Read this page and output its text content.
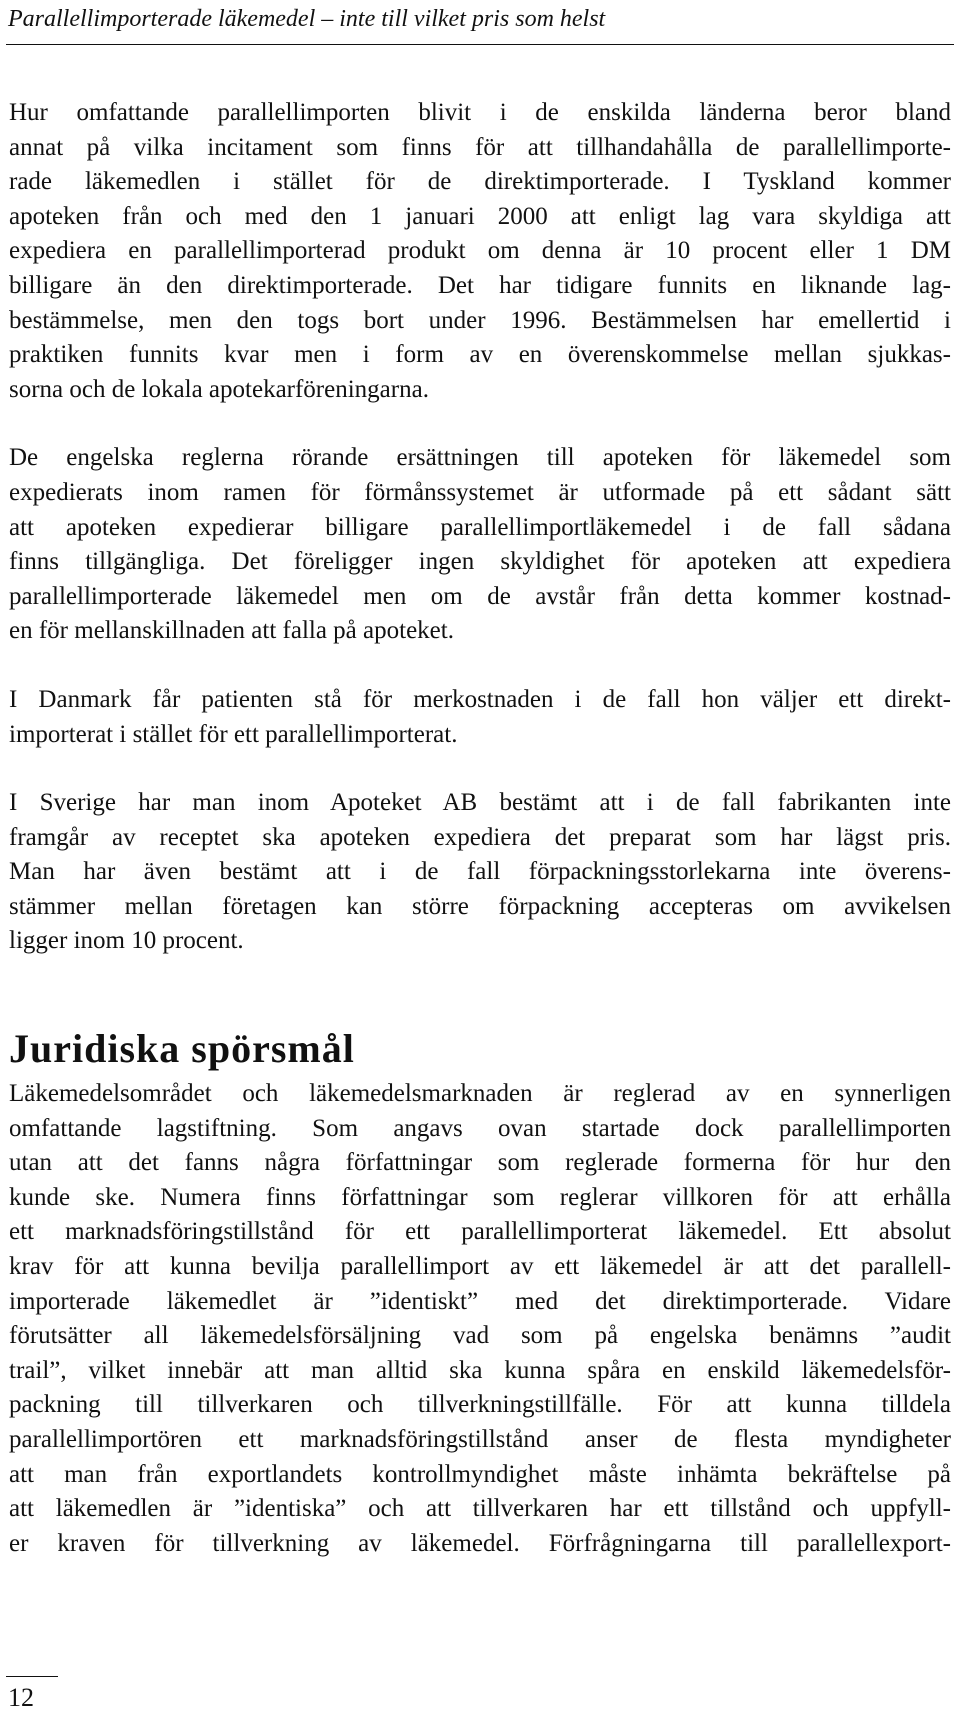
Parallellimporterade läkemedel – inte till vilket pris som helst

Hur omfattande parallellimporten blivit i de enskilda länderna beror bland
annat på vilka incitament som finns för att tillhandahålla de parallellimporte-
rade läkemedlen i stället för de direktimporterade. I Tyskland kommer
apoteken från och med den 1 januari 2000 att enligt lag vara skyldiga att
expediera en parallellimporterad produkt om denna är 10 procent eller 1 DM
billigare än den direktimporterade. Det har tidigare funnits en liknande lag-
bestämmelse, men den togs bort under 1996. Bestämmelsen har emellertid i
praktiken funnits kvar men i form av en överenskommelse mellan sjukkas-
sorna och de lokala apotekarföreningarna.

De engelska reglerna rörande ersättningen till apoteken för läkemedel som
expedierats inom ramen för förmånssystemet är utformade på ett sådant sätt
att apoteken expedierar billigare parallellimportläkemedel i de fall sådana
finns tillgängliga. Det föreligger ingen skyldighet för apoteken att expediera
parallellimporterade läkemedel men om de avstår från detta kommer kostnad-
en för mellanskillnaden att falla på apoteket.

I Danmark får patienten stå för merkostnaden i de fall hon väljer ett direkt-
importerat i stället för ett parallellimporterat.

I Sverige har man inom Apoteket AB bestämt att i de fall fabrikanten inte
framgår av receptet ska apoteken expediera det preparat som har lägst pris.
Man har även bestämt att i de fall förpackningsstorlekarna inte överens-
stämmer mellan företagen kan större förpackning accepteras om avvikelsen
ligger inom 10 procent.

Juridiska spörsmål

Läkemedelsområdet och läkemedelsmarknaden är reglerad av en synnerligen
omfattande lagstiftning. Som angavs ovan startade dock parallellimporten
utan att det fanns några författningar som reglerade formerna för hur den
kunde ske. Numera finns författningar som reglerar villkoren för att erhålla
ett marknadsföringstillstånd för ett parallellimporterat läkemedel. Ett absolut
krav för att kunna bevilja parallellimport av ett läkemedel är att det parallell-
importerade läkemedlet är ”identiskt” med det direktimporterade. Vidare
förutsätter all läkemedelsförsäljning vad som på engelska benämns ”audit
trail”, vilket innebär att man alltid ska kunna spåra en enskild läkemedelsför-
packning till tillverkaren och tillverkningstillfälle. För att kunna tilldela
parallellimportören ett marknadsföringstillstånd anser de flesta myndigheter
att man från exportlandets kontrollmyndighet måste inhämta bekräftelse på
att läkemedlen är ”identiska” och att tillverkaren har ett tillstånd och uppfyll-
er kraven för tillverkning av läkemedel. Förfrågningarna till parallellexport-

12
